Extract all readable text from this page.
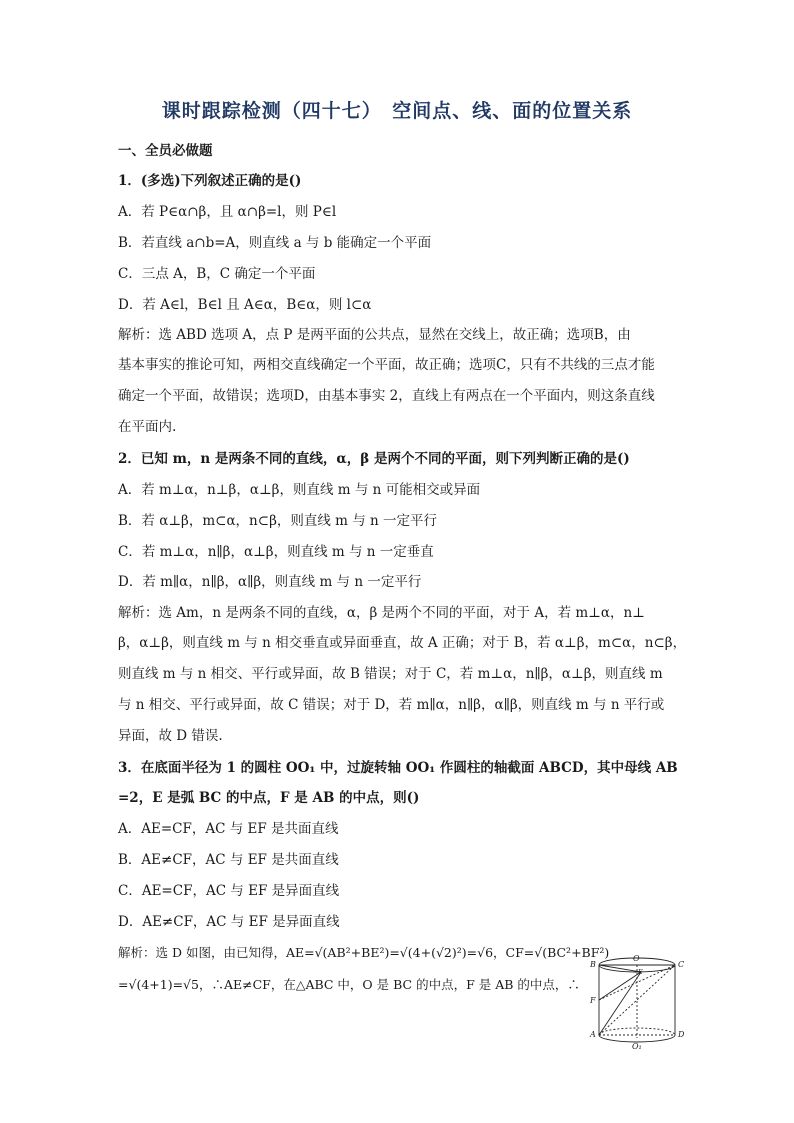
课时跟踪检测（四十七）　空间点、线、面的位置关系
一、全员必做题
1．(多选)下列叙述正确的是()
A．若 P∈α∩β，且 α∩β=l，则 P∈l
B．若直线 a∩b=A，则直线 a 与 b 能确定一个平面
C．三点 A，B，C 确定一个平面
D．若 A∈l，B∈l 且 A∈α，B∈α，则 l⊂α
解析：选 ABD 选项 A，点 P 是两平面的公共点，显然在交线上，故正确；选项B，由
基本事实的推论可知，两相交直线确定一个平面，故正确；选项C，只有不共线的三点才能
确定一个平面，故错误；选项D，由基本事实 2，直线上有两点在一个平面内，则这条直线
在平面内.
2．已知 m，n 是两条不同的直线，α，β 是两个不同的平面，则下列判断正确的是()
A．若 m⊥α，n⊥β，α⊥β，则直线 m 与 n 可能相交或异面
B．若 α⊥β，m⊂α，n⊂β，则直线 m 与 n 一定平行
C．若 m⊥α，n∥β，α⊥β，则直线 m 与 n 一定垂直
D．若 m∥α，n∥β，α∥β，则直线 m 与 n 一定平行
解析：选 Am，n 是两条不同的直线，α，β 是两个不同的平面，对于 A，若 m⊥α，n⊥
β，α⊥β，则直线 m 与 n 相交垂直或异面垂直，故 A 正确；对于 B，若 α⊥β，m⊂α，n⊂β，
则直线 m 与 n 相交、平行或异面，故 B 错误；对于 C，若 m⊥α，n∥β，α⊥β，则直线 m
与 n 相交、平行或异面，故 C 错误；对于 D，若 m∥α，n∥β，α∥β，则直线 m 与 n 平行或
异面，故 D 错误.
3．在底面半径为 1 的圆柱 OO₁ 中，过旋转轴 OO₁ 作圆柱的轴截面 ABCD，其中母线 AB
=2，E 是弧 BC 的中点，F 是 AB 的中点，则()
A．AE=CF，AC 与 EF 是共面直线
B．AE≠CF，AC 与 EF 是共面直线
C．AE=CF，AC 与 EF 是异面直线
D．AE≠CF，AC 与 EF 是异面直线
解析：选 D 如图，由已知得，AE=√(AB²+BE²)=√(4+(√2)²)=√6，CF=√(BC²+BF²)
=√(4+1)=√5，∴AE≠CF，在△ABC 中，O 是 BC 的中点，F 是 AB 的中点，∴
B
O
E
C
F
A
O₁
D
